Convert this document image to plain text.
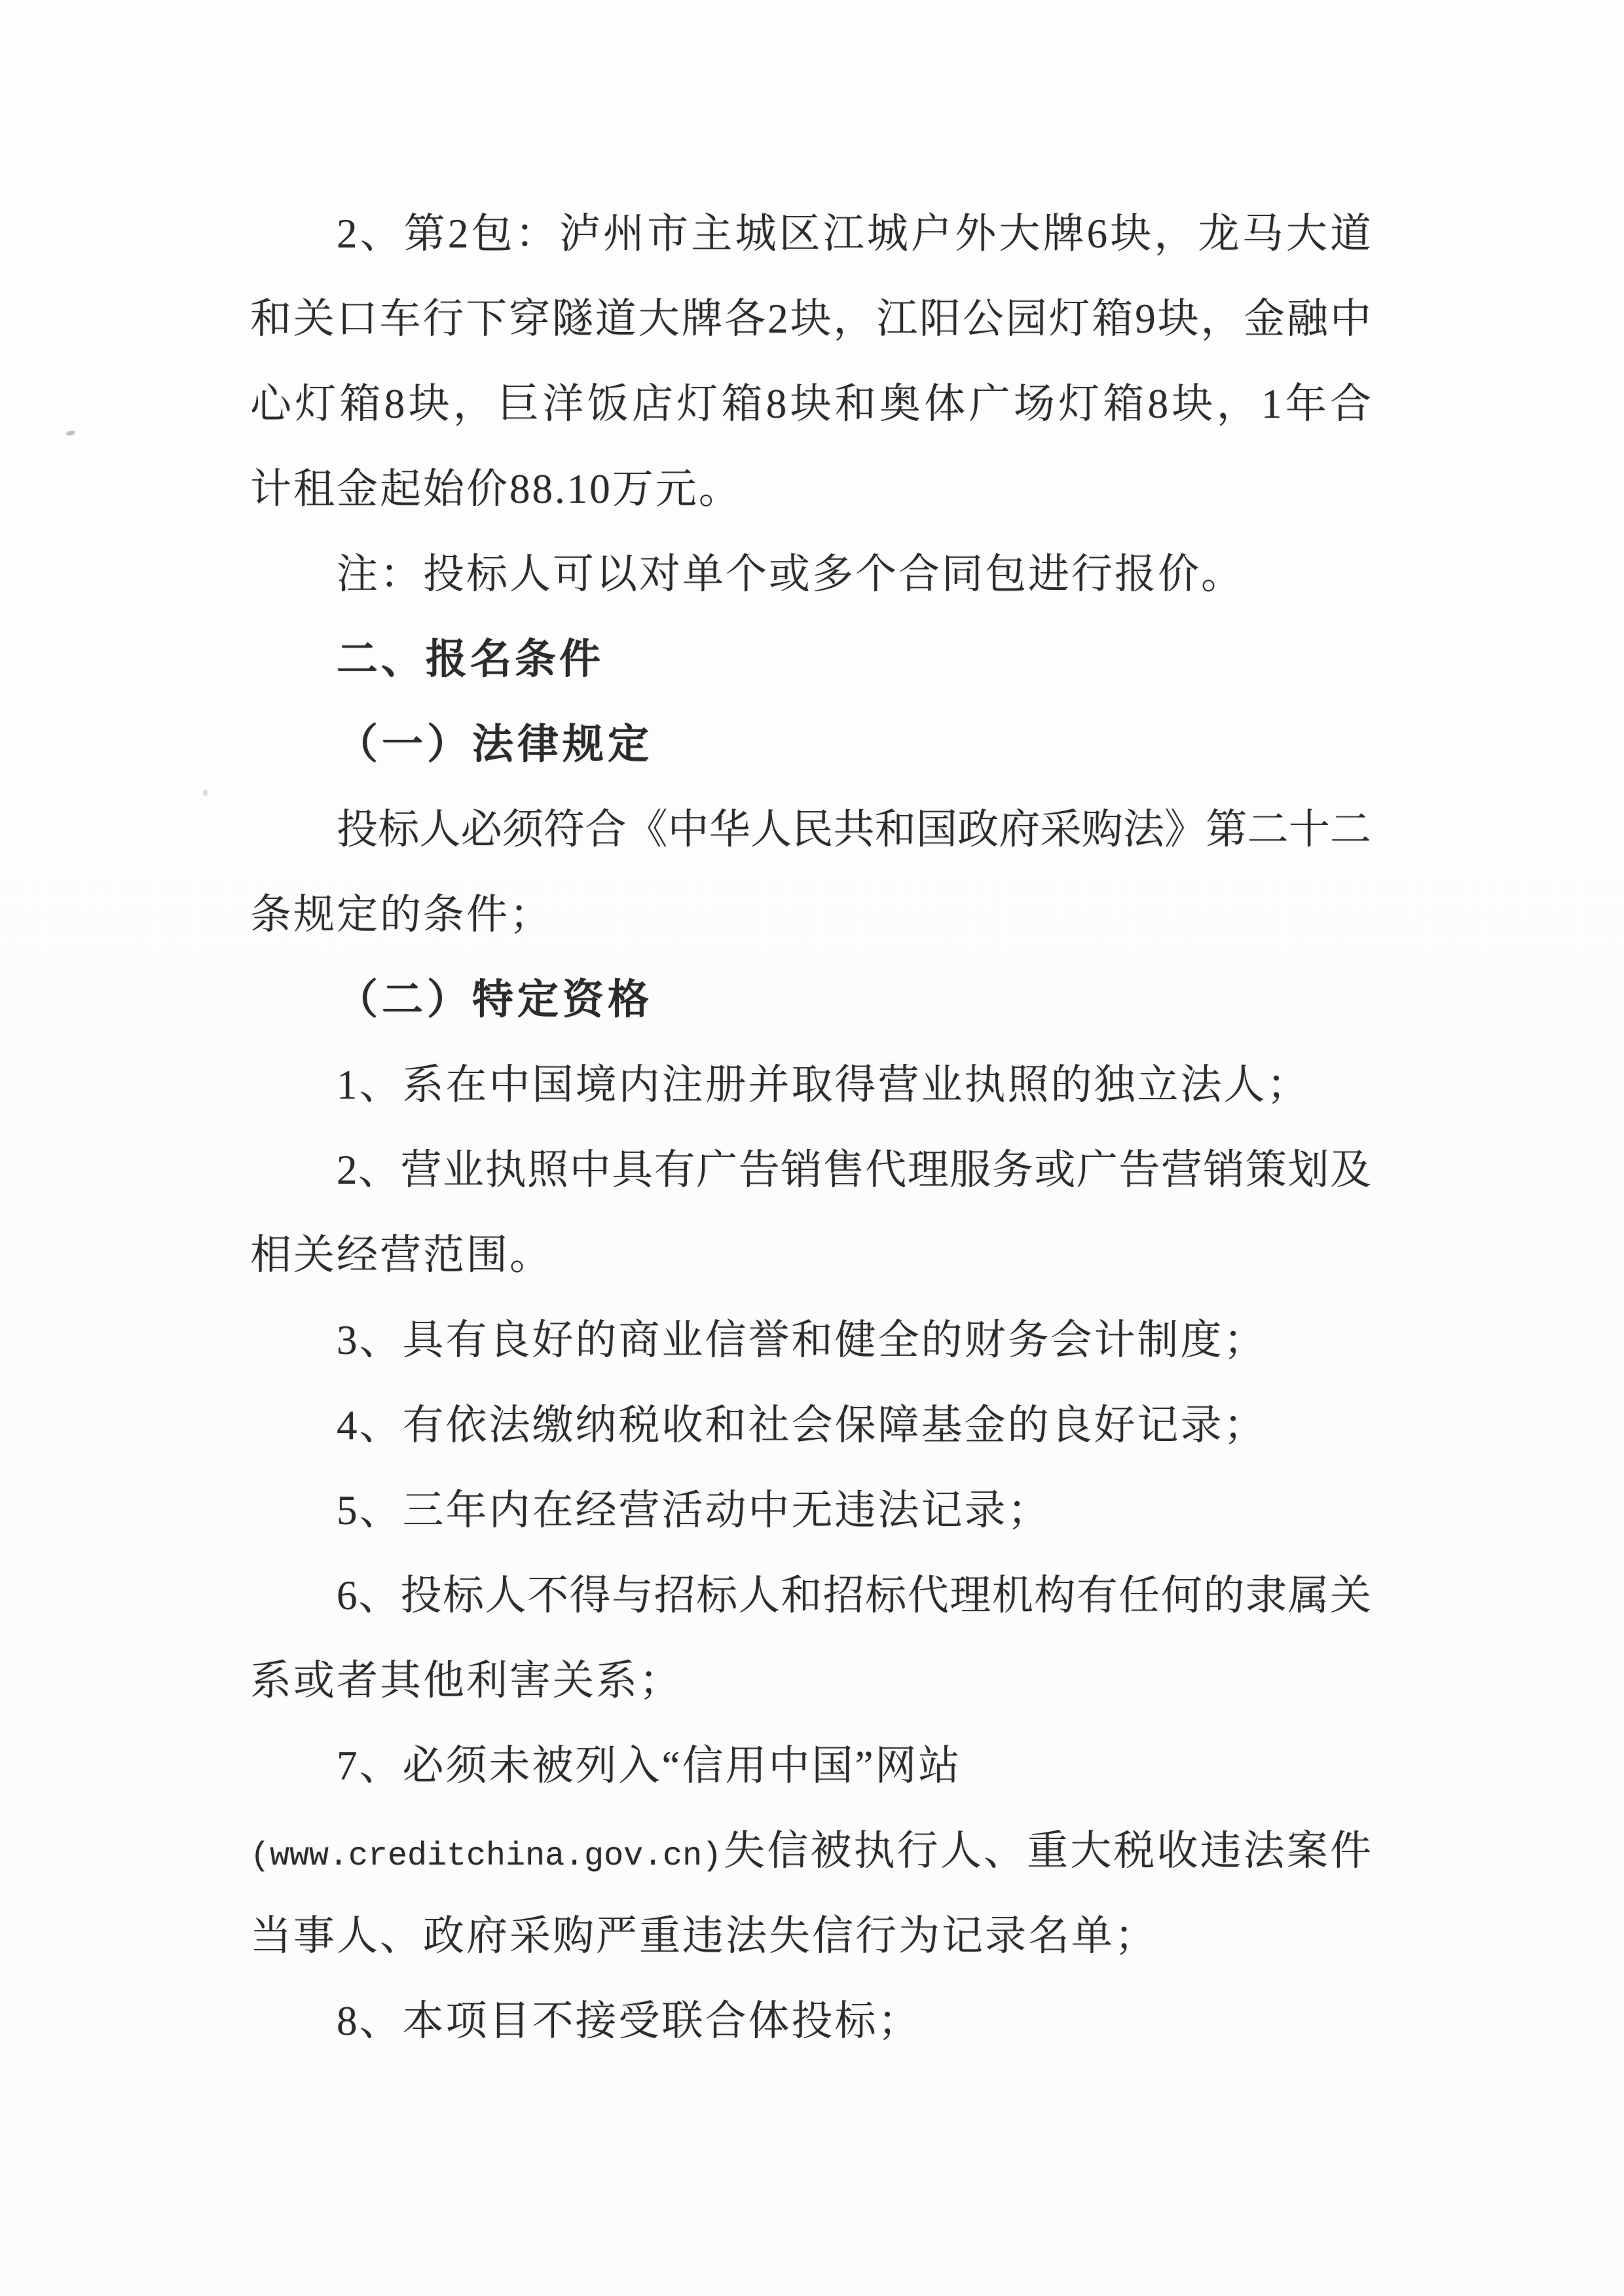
2、第2包：泸州市主城区江城户外大牌6块，龙马大道
和关口车行下穿隧道大牌各2块，江阳公园灯箱9块，金融中
心灯箱8块，巨洋饭店灯箱8块和奥体广场灯箱8块，1年合
计租金起始价88.10万元。
注：投标人可以对单个或多个合同包进行报价。
二、报名条件
（一）法律规定
投标人必须符合《中华人民共和国政府采购法》第二十二
条规定的条件；
（二）特定资格
1、系在中国境内注册并取得营业执照的独立法人；
2、营业执照中具有广告销售代理服务或广告营销策划及
相关经营范围。
3、具有良好的商业信誉和健全的财务会计制度；
4、有依法缴纳税收和社会保障基金的良好记录；
5、三年内在经营活动中无违法记录；
6、投标人不得与招标人和招标代理机构有任何的隶属关
系或者其他利害关系；
7、必须未被列入“信用中国”网站
(www.creditchina.gov.cn)失信被执行人、重大税收违法案件
当事人、政府采购严重违法失信行为记录名单；
8、本项目不接受联合体投标；
